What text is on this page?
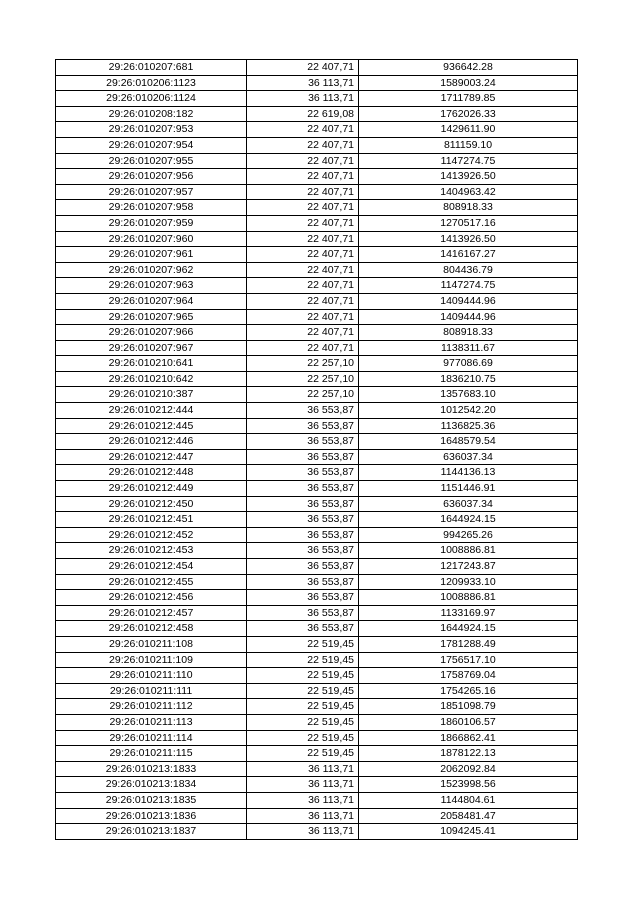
29:26:010207:681	22 407,71	936642.28
29:26:010206:1123	36 113,71	1589003.24
29:26:010206:1124	36 113,71	1711789.85
29:26:010208:182	22 619,08	1762026.33
29:26:010207:953	22 407,71	1429611.90
29:26:010207:954	22 407,71	811159.10
29:26:010207:955	22 407,71	1147274.75
29:26:010207:956	22 407,71	1413926.50
29:26:010207:957	22 407,71	1404963.42
29:26:010207:958	22 407,71	808918.33
29:26:010207:959	22 407,71	1270517.16
29:26:010207:960	22 407,71	1413926.50
29:26:010207:961	22 407,71	1416167.27
29:26:010207:962	22 407,71	804436.79
29:26:010207:963	22 407,71	1147274.75
29:26:010207:964	22 407,71	1409444.96
29:26:010207:965	22 407,71	1409444.96
29:26:010207:966	22 407,71	808918.33
29:26:010207:967	22 407,71	1138311.67
29:26:010210:641	22 257,10	977086.69
29:26:010210:642	22 257,10	1836210.75
29:26:010210:387	22 257,10	1357683.10
29:26:010212:444	36 553,87	1012542.20
29:26:010212:445	36 553,87	1136825.36
29:26:010212:446	36 553,87	1648579.54
29:26:010212:447	36 553,87	636037.34
29:26:010212:448	36 553,87	1144136.13
29:26:010212:449	36 553,87	1151446.91
29:26:010212:450	36 553,87	636037.34
29:26:010212:451	36 553,87	1644924.15
29:26:010212:452	36 553,87	994265.26
29:26:010212:453	36 553,87	1008886.81
29:26:010212:454	36 553,87	1217243.87
29:26:010212:455	36 553,87	1209933.10
29:26:010212:456	36 553,87	1008886.81
29:26:010212:457	36 553,87	1133169.97
29:26:010212:458	36 553,87	1644924.15
29:26:010211:108	22 519,45	1781288.49
29:26:010211:109	22 519,45	1756517.10
29:26:010211:110	22 519,45	1758769.04
29:26:010211:111	22 519,45	1754265.16
29:26:010211:112	22 519,45	1851098.79
29:26:010211:113	22 519,45	1860106.57
29:26:010211:114	22 519,45	1866862.41
29:26:010211:115	22 519,45	1878122.13
29:26:010213:1833	36 113,71	2062092.84
29:26:010213:1834	36 113,71	1523998.56
29:26:010213:1835	36 113,71	1144804.61
29:26:010213:1836	36 113,71	2058481.47
29:26:010213:1837	36 113,71	1094245.41
